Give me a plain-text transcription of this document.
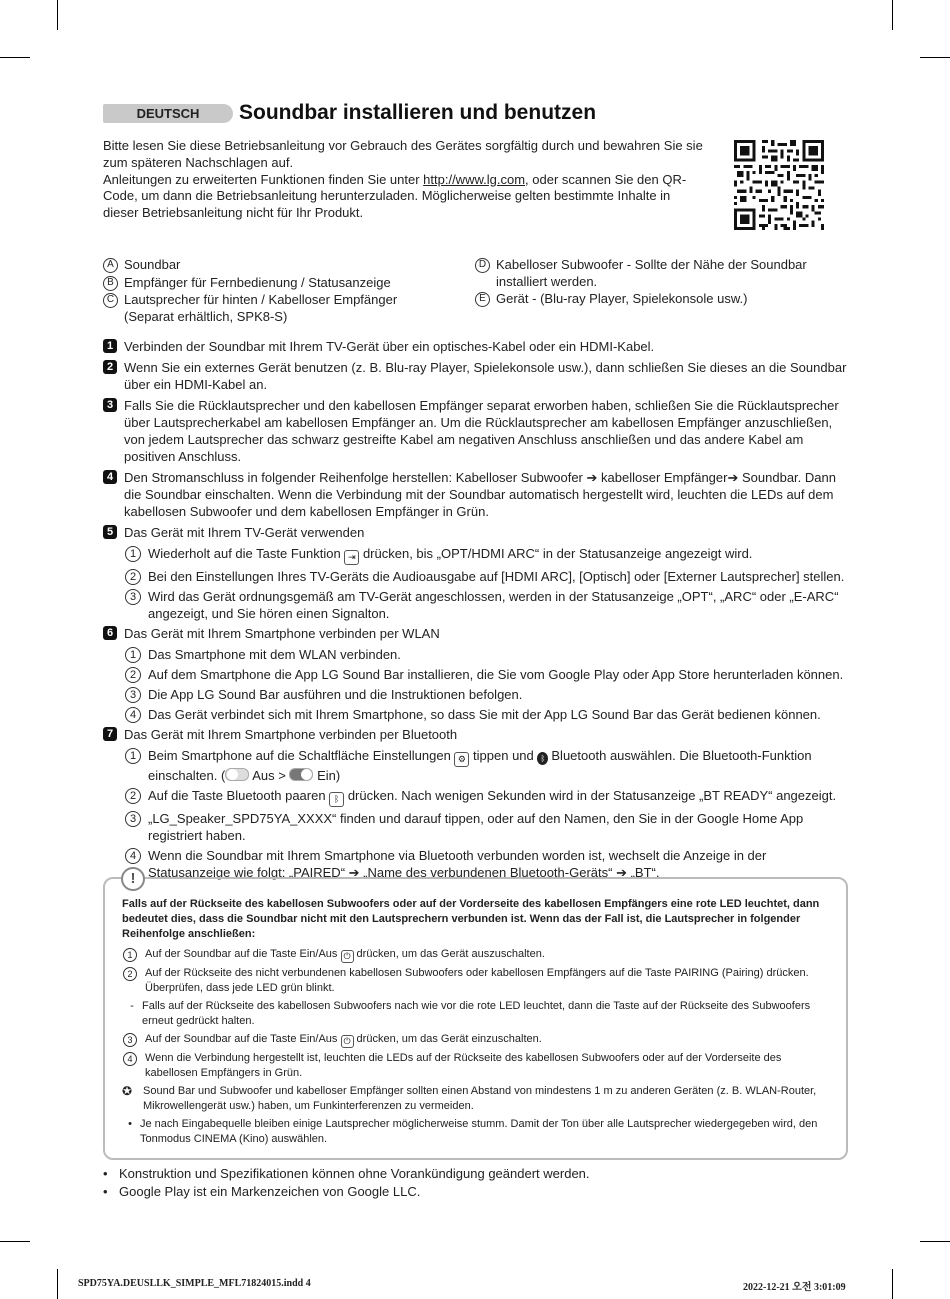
DEUTSCH	Soundbar installieren und benutzen
Bitte lesen Sie diese Betriebsanleitung vor Gebrauch des Gerätes sorgfältig durch und bewahren Sie sie zum späteren Nachschlagen auf.
Anleitungen zu erweiterten Funktionen finden Sie unter http://www.lg.com, oder scannen Sie den QR-Code, um dann die Betriebsanleitung herunterzuladen. Möglicherweise gelten bestimmte Inhalte in dieser Betriebsanleitung nicht für Ihr Produkt.
A Soundbar
B Empfänger für Fernbedienung / Statusanzeige
C Lautsprecher für hinten / Kabelloser Empfänger (Separat erhältlich, SPK8-S)
D Kabelloser Subwoofer - Sollte der Nähe der Soundbar installiert werden.
E Gerät - (Blu-ray Player, Spielekonsole usw.)
1 Verbinden der Soundbar mit Ihrem TV-Gerät über ein optisches-Kabel oder ein HDMI-Kabel.
2 Wenn Sie ein externes Gerät benutzen (z. B. Blu-ray Player, Spielekonsole usw.), dann schließen Sie dieses an die Soundbar über ein HDMI-Kabel an.
3 Falls Sie die Rücklautsprecher und den kabellosen Empfänger separat erworben haben, schließen Sie die Rücklautsprecher über Lautsprecherkabel am kabellosen Empfänger an. Um die Rücklautsprecher am kabellosen Empfänger anzuschließen, von jedem Lautsprecher das schwarz gestreifte Kabel am negativen Anschluss anschließen und das andere Kabel am positiven Anschluss.
4 Den Stromanschluss in folgender Reihenfolge herstellen: Kabelloser Subwoofer ➔ kabelloser Empfänger➔ Soundbar. Dann die Soundbar einschalten. Wenn die Verbindung mit der Soundbar automatisch hergestellt wird, leuchten die LEDs auf dem kabellosen Subwoofer und dem kabellosen Empfänger in Grün.
5 Das Gerät mit Ihrem TV-Gerät verwenden
1 Wiederholt auf die Taste Funktion ⇥ drücken, bis „OPT/HDMI ARC“ in der Statusanzeige angezeigt wird.
2 Bei den Einstellungen Ihres TV-Geräts die Audioausgabe auf [HDMI ARC], [Optisch] oder [Externer Lautsprecher] stellen.
3 Wird das Gerät ordnungsgemäß am TV-Gerät angeschlossen, werden in der Statusanzeige „OPT“, „ARC“ oder „E-ARC“ angezeigt, und Sie hören einen Signalton.
6 Das Gerät mit Ihrem Smartphone verbinden per WLAN
1 Das Smartphone mit dem WLAN verbinden.
2 Auf dem Smartphone die App LG Sound Bar installieren, die Sie vom Google Play oder App Store herunterladen können.
3 Die App LG Sound Bar ausführen und die Instruktionen befolgen.
4 Das Gerät verbindet sich mit Ihrem Smartphone, so dass Sie mit der App LG Sound Bar das Gerät bedienen können.
7 Das Gerät mit Ihrem Smartphone verbinden per Bluetooth
1 Beim Smartphone auf die Schaltfläche Einstellungen ⚙ tippen und ᛒ Bluetooth auswählen. Die Bluetooth-Funktion einschalten. ( Aus >
Ein)
2 Auf die Taste Bluetooth paaren ᛒ drücken. Nach wenigen Sekunden wird in der Statusanzeige „BT READY“ angezeigt.
3 „LG_Speaker_SPD75YA_XXXX“ finden und darauf tippen, oder auf den Namen, den Sie in der Google Home App registriert haben.
4 Wenn die Soundbar mit Ihrem Smartphone via Bluetooth verbunden worden ist, wechselt die Anzeige in der Statusanzeige wie folgt: „PAIRED“ ➔ „Name des verbundenen Bluetooth-Geräts“ ➔ „BT“.
!
Falls auf der Rückseite des kabellosen Subwoofers oder auf der Vorderseite des kabellosen Empfängers eine rote LED leuchtet, dann bedeutet dies, dass die Soundbar nicht mit den Lautsprechern verbunden ist. Wenn das der Fall ist, die Lautsprecher in folgender Reihenfolge anschließen:
1	Auf der Soundbar auf die Taste Ein/Aus ⏻ drücken, um das Gerät auszuschalten.
2	Auf der Rückseite des nicht verbundenen kabellosen Subwoofers oder kabellosen Empfängers auf die Taste PAIRING (Pairing) drücken. Überprüfen, dass jede LED grün blinkt.
- Falls auf der Rückseite des kabellosen Subwoofers nach wie vor die rote LED leuchtet, dann die Taste auf der Rückseite des Subwoofers erneut gedrückt halten.
3	Auf der Soundbar auf die Taste Ein/Aus ⏻ drücken, um das Gerät einzuschalten.
4	Wenn die Verbindung hergestellt ist, leuchten die LEDs auf der Rückseite des kabellosen Subwoofers oder auf der Vorderseite des kabellosen Empfängers in Grün.
✪ Sound Bar und Subwoofer und kabelloser Empfänger sollten einen Abstand von mindestens 1 m zu anderen Geräten (z. B. WLAN-Router, Mikrowellengerät usw.) haben, um Funkinterferenzen zu vermeiden.
• Je nach Eingabequelle bleiben einige Lautsprecher möglicherweise stumm. Damit der Ton über alle Lautsprecher wiedergegeben wird, den Tonmodus CINEMA (Kino) auswählen.
• Konstruktion und Spezifikationen können ohne Vorankündigung geändert werden.
• Google Play ist ein Markenzeichen von Google LLC.
SPD75YA.DEUSLLK_SIMPLE_MFL71824015.indd 4	2022-12-21 오전 3:01:09
